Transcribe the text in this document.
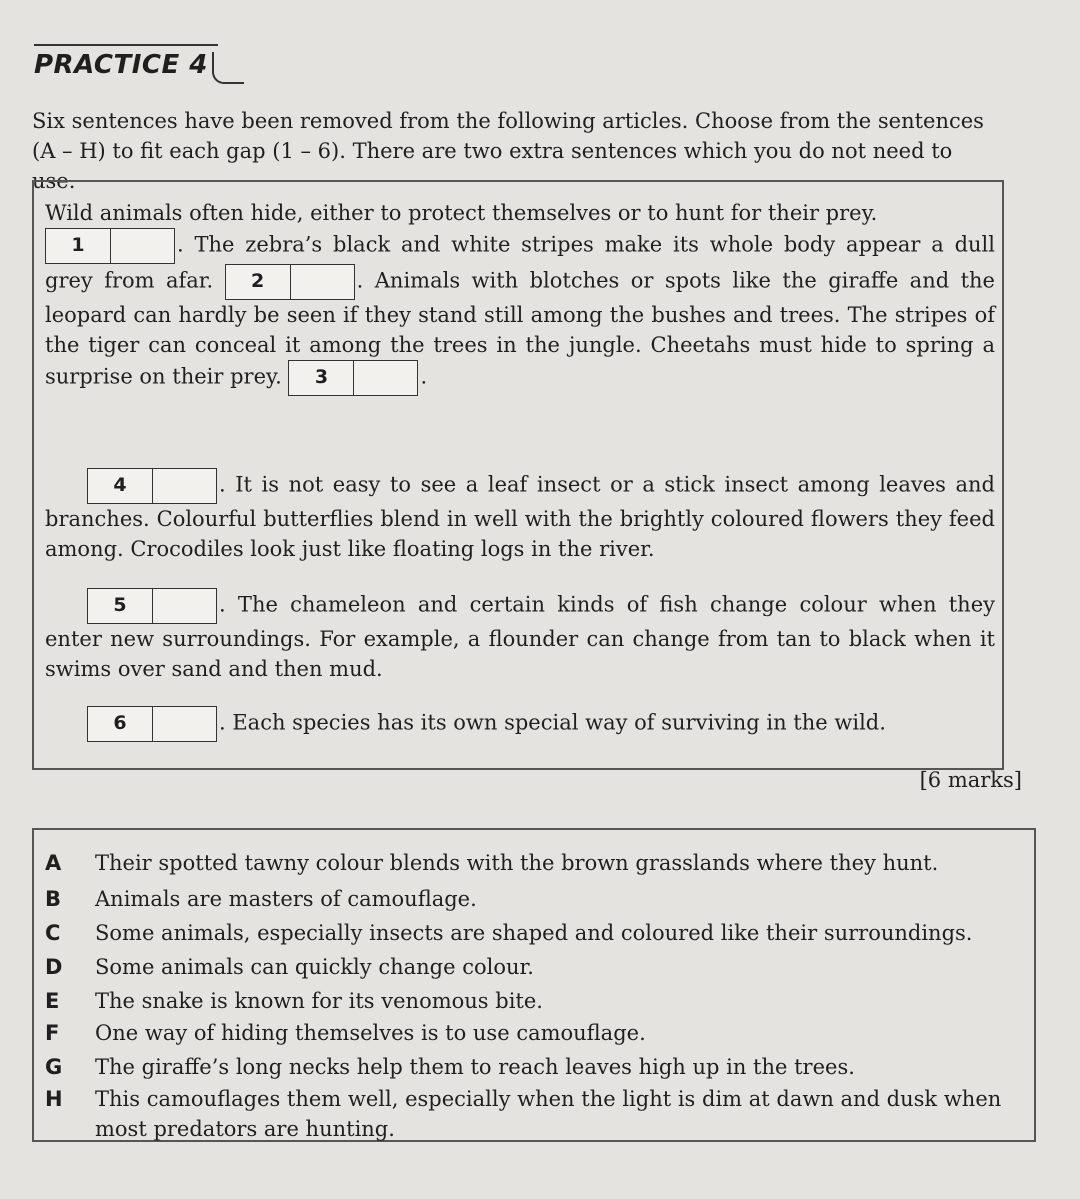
PRACTICE 4
Six sentences have been removed from the following articles. Choose from the sentences (A – H) to fit each gap (1 – 6). There are two extra sentences which you do not need to use.
Wild animals often hide, either to protect themselves or to hunt for their prey.

1	. The zebra’s black and white stripes make its whole body appear a dull grey from afar.	2	. Animals with blotches or spots like the giraffe and the leopard can hardly be seen if they stand still among the bushes and trees. The stripes of the tiger can conceal it among the trees in the jungle. Cheetahs must hide to spring a surprise on their prey.	3	.
4	. It is not easy to see a leaf insect or a stick insect among leaves and branches. Colourful butterflies blend in well with the brightly coloured flowers they feed among. Crocodiles look just like floating logs in the river.
5	. The chameleon and certain kinds of fish change colour when they enter new surroundings. For example, a flounder can change from tan to black when it swims over sand and then mud.
6	. Each species has its own special way of surviving in the wild.
[6 marks]
A Their spotted tawny colour blends with the brown grasslands where they hunt.
B Animals are masters of camouflage.
C Some animals, especially insects are shaped and coloured like their surroundings.
D Some animals can quickly change colour.
E The snake is known for its venomous bite.
F One way of hiding themselves is to use camouflage.
G The giraffe’s long necks help them to reach leaves high up in the trees.
H This camouflages them well, especially when the light is dim at dawn and dusk when most predators are hunting.
